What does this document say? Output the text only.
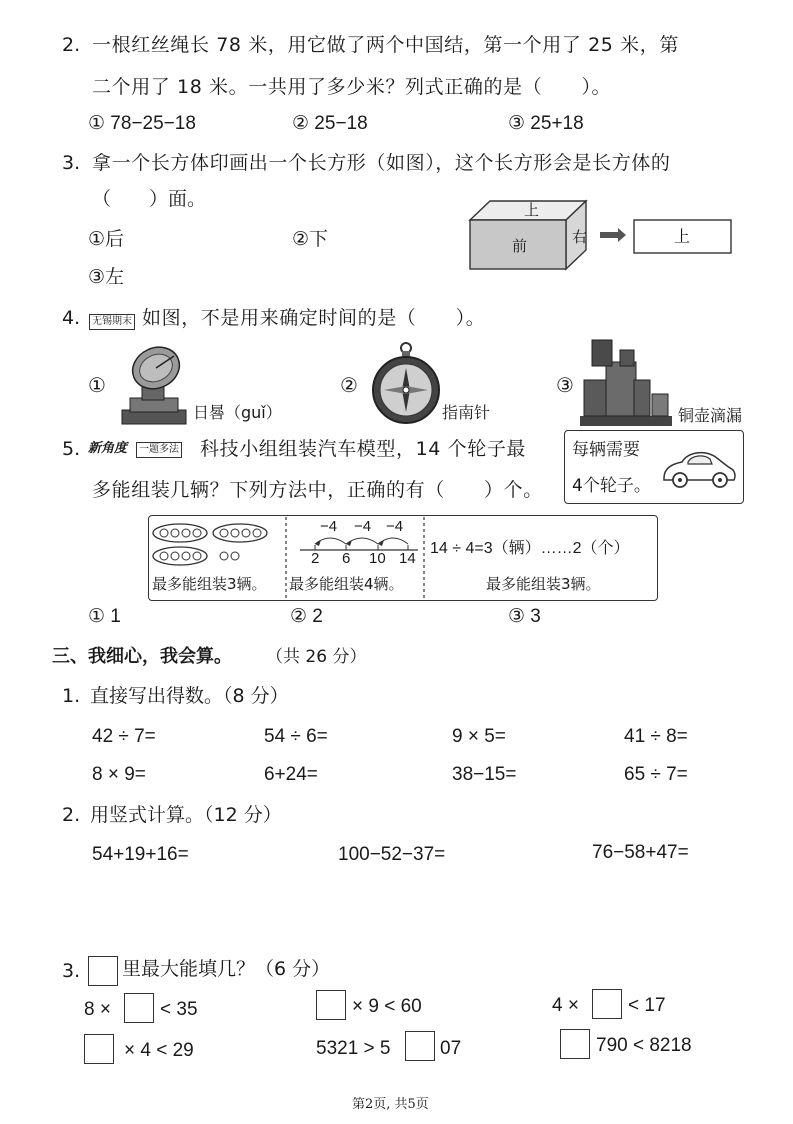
2. 一根红丝绳长 78 米，用它做了两个中国结，第一个用了 25 米，第
二个用了 18 米。一共用了多少米？列式正确的是（　　）。
① 78−25−18	② 25−18	③ 25+18
3. 拿一个长方体印画出一个长方形（如图），这个长方形会是长方体的
（　　）面。
①后	②下
③左
上
前	右	上
4.	无锡期末 如图，不是用来确定时间的是（　　）。
①	②	③
日晷（guǐ）	指南针	铜壶滴漏
5. 新角度	一题多法 科技小组组装汽车模型，14 个轮子最
多能组装几辆？下列方法中，正确的有（　　）个。
每辆需要
4个轮子。
−4 −4 −4
2 6 10 14
14 ÷ 4=3（辆）……2（个）
最多能组装3辆。 最多能组装4辆。	最多能组装3辆。
① 1	② 2	③ 3
三、我细心，我会算。 （共 26 分）
1. 直接写出得数。（8 分）
42 ÷ 7=	54 ÷ 6=	9 × 5=	41 ÷ 8=
8 × 9=	6+24=	38−15=	65 ÷ 7=
2. 用竖式计算。（12 分）
54+19+16=	100−52−37=	76−58+47=
3. 里最大能填几？（6 分）
8 ×	< 35	× 9 < 60	4 ×	< 17
× 4 < 29	5321 > 5	07	790 < 8218
第2页, 共5页
